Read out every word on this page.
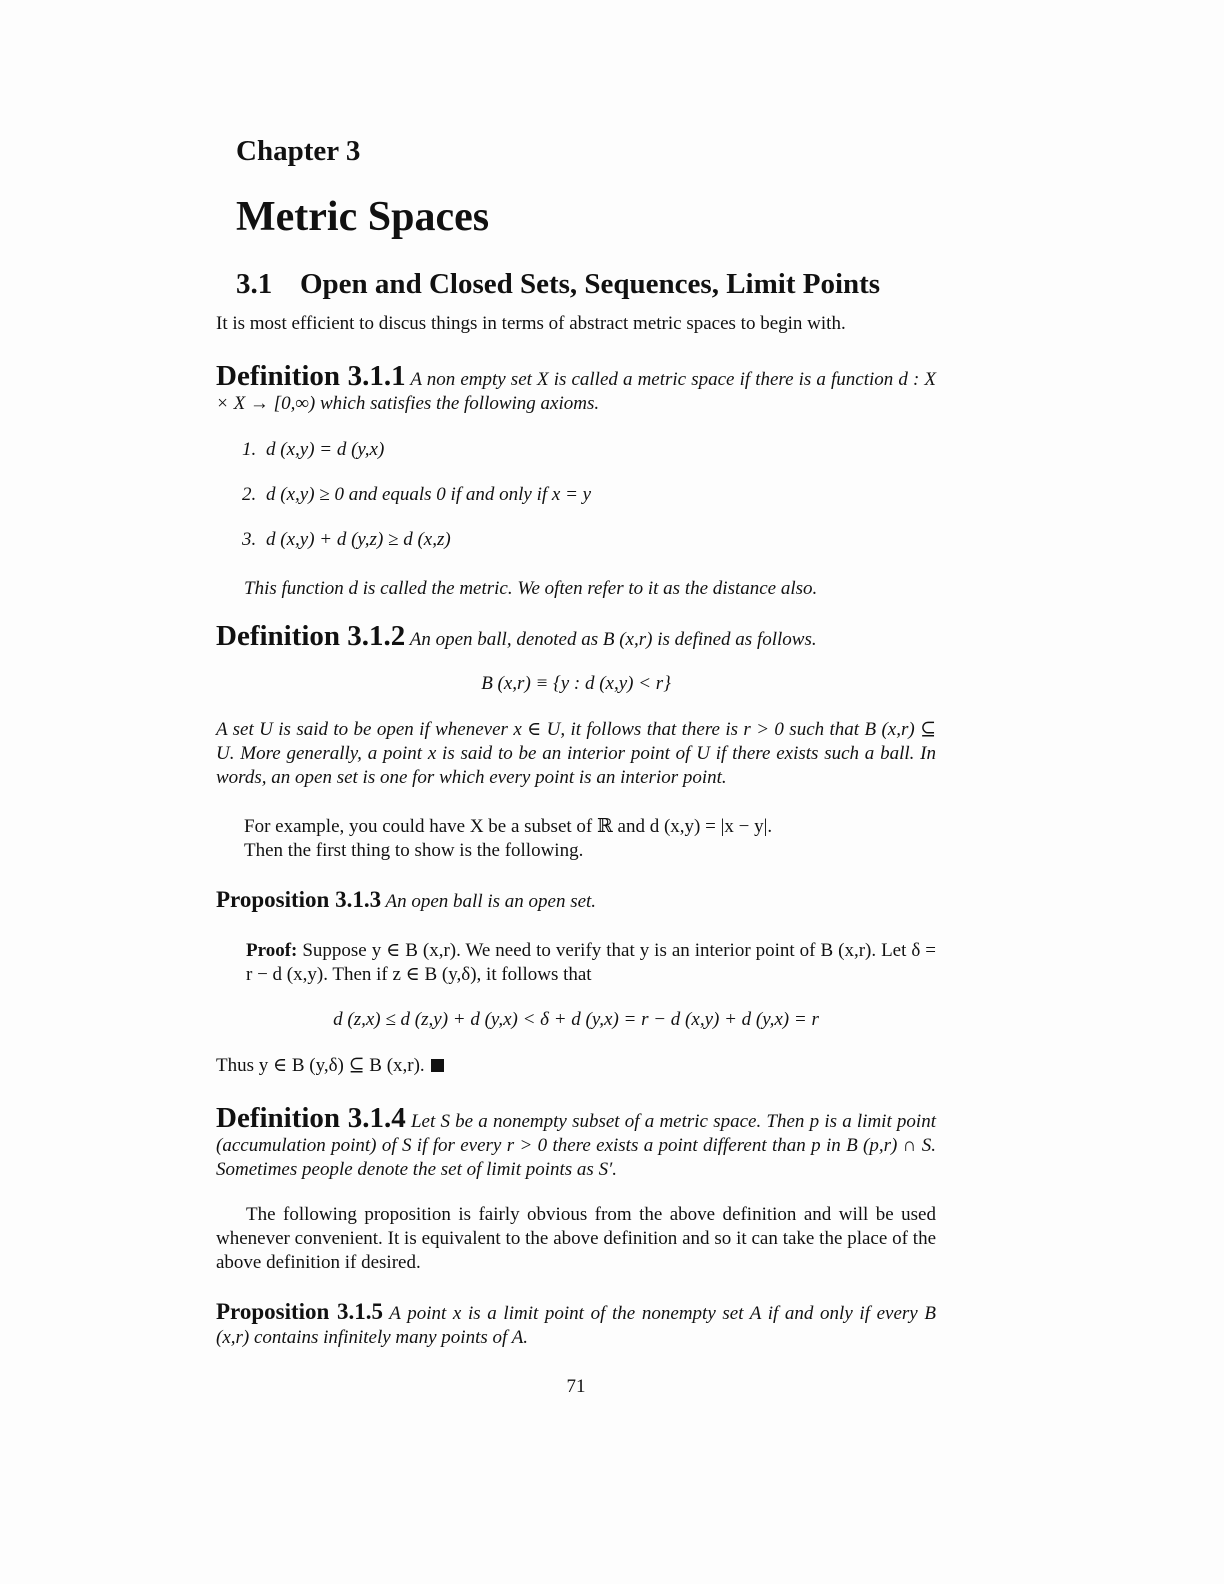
Chapter 3
Metric Spaces
3.1 Open and Closed Sets, Sequences, Limit Points
It is most efficient to discus things in terms of abstract metric spaces to begin with.
Definition 3.1.1 A non empty set X is called a metric space if there is a function d : X × X → [0,∞) which satisfies the following axioms.
1. d (x,y) = d (y,x)
2. d (x,y) ≥ 0 and equals 0 if and only if x = y
3. d (x,y) + d (y,z) ≥ d (x,z)
This function d is called the metric. We often refer to it as the distance also.
Definition 3.1.2 An open ball, denoted as B (x,r) is defined as follows.
B (x,r) ≡ {y : d (x,y) < r}
A set U is said to be open if whenever x ∈ U, it follows that there is r > 0 such that B (x,r) ⊆ U. More generally, a point x is said to be an interior point of U if there exists such a ball. In words, an open set is one for which every point is an interior point.
For example, you could have X be a subset of ℝ and d (x,y) = |x − y|.
Then the first thing to show is the following.
Proposition 3.1.3 An open ball is an open set.
Proof: Suppose y ∈ B (x,r). We need to verify that y is an interior point of B (x,r). Let δ = r − d (x,y). Then if z ∈ B (y,δ), it follows that
d (z,x) ≤ d (z,y) + d (y,x) < δ + d (y,x) = r − d (x,y) + d (y,x) = r
Thus y ∈ B (y,δ) ⊆ B (x,r).
Definition 3.1.4 Let S be a nonempty subset of a metric space. Then p is a limit point (accumulation point) of S if for every r > 0 there exists a point different than p in B (p,r) ∩ S. Sometimes people denote the set of limit points as S′.
The following proposition is fairly obvious from the above definition and will be used whenever convenient. It is equivalent to the above definition and so it can take the place of the above definition if desired.
Proposition 3.1.5 A point x is a limit point of the nonempty set A if and only if every B (x,r) contains infinitely many points of A.
71
